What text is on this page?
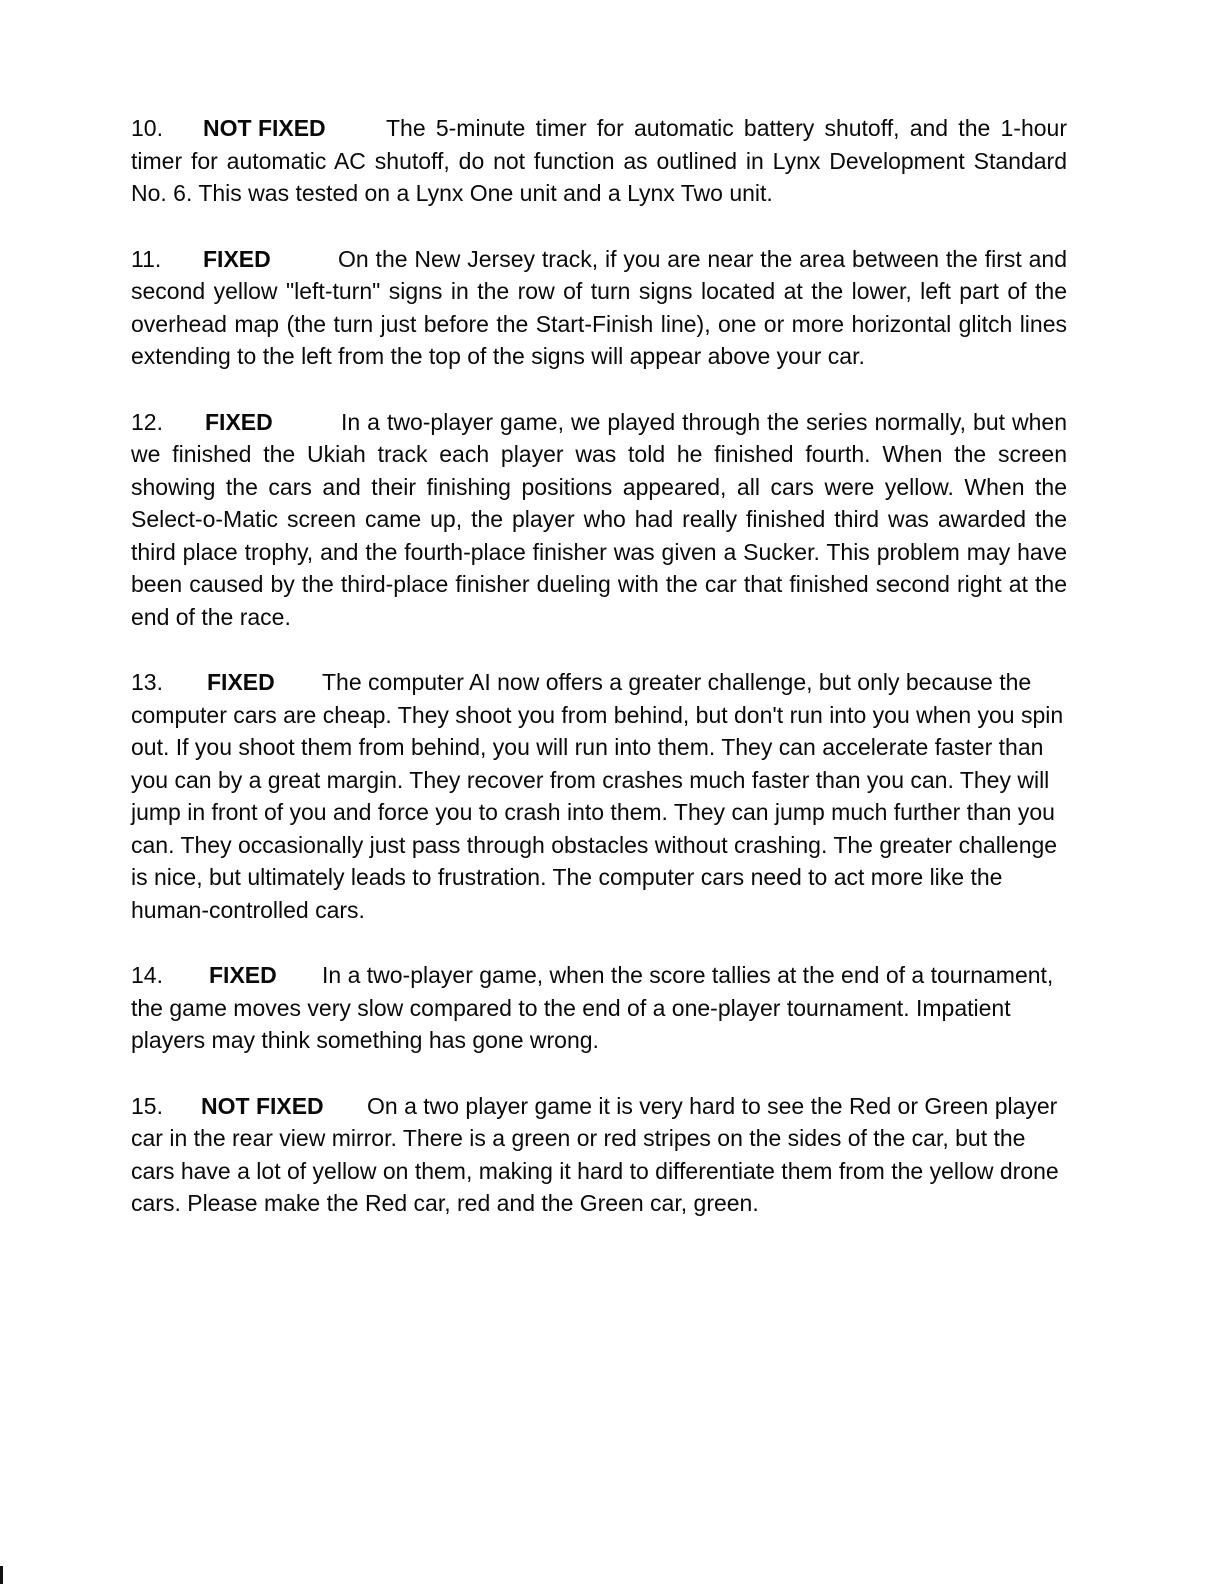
10. NOT FIXED	The 5-minute timer for automatic battery shutoff, and the 1-hour timer for automatic AC shutoff, do not function as outlined in Lynx Development Standard No. 6. This was tested on a Lynx One unit and a Lynx Two unit.

11. FIXED	On the New Jersey track, if you are near the area between the first and second yellow "left-turn" signs in the row of turn signs located at the lower, left part of the overhead map (the turn just before the Start-Finish line), one or more horizontal glitch lines extending to the left from the top of the signs will appear above your car.

12. FIXED	In a two-player game, we played through the series normally, but when we finished the Ukiah track each player was told he finished fourth. When the screen showing the cars and their finishing positions appeared, all cars were yellow. When the Select-o-Matic screen came up, the player who had really finished third was awarded the third place trophy, and the fourth-place finisher was given a Sucker. This problem may have been caused by the third-place finisher dueling with the car that finished second right at the end of the race.

13. FIXED The computer AI now offers a greater challenge, but only because the computer cars are cheap. They shoot you from behind, but don't run into you when you spin out. If you shoot them from behind, you will run into them. They can accelerate faster than you can by a great margin. They recover from crashes much faster than you can. They will jump in front of you and force you to crash into them. They can jump much further than you can. They occasionally just pass through obstacles without crashing. The greater challenge is nice, but ultimately leads to frustration. The computer cars need to act more like the human-controlled cars.

14. FIXED In a two-player game, when the score tallies at the end of a tournament, the game moves very slow compared to the end of a one-player tournament. Impatient players may think something has gone wrong.

15. NOT FIXED On a two player game it is very hard to see the Red or Green player car in the rear view mirror. There is a green or red stripes on the sides of the car, but the cars have a lot of yellow on them, making it hard to differentiate them from the yellow drone cars. Please make the Red car, red and the Green car, green.
